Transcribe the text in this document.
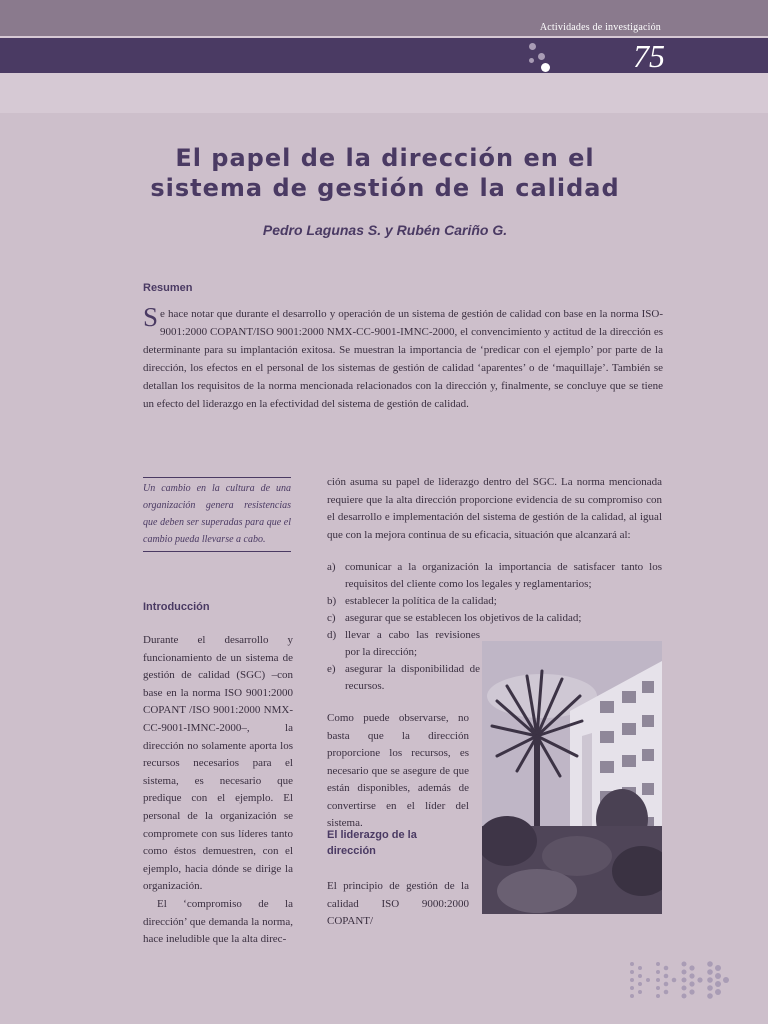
Actividades de investigación
75
El papel de la dirección en el
sistema de gestión de la calidad

Pedro Lagunas S. y Rubén Cariño G.

Resumen

Se hace notar que durante el desarrollo y operación de un sistema de gestión de calidad con base en la norma ISO-9001:2000 COPANT/ISO 9001:2000 NMX-CC-9001-IMNC-2000, el convencimiento y actitud de la dirección es determinante para su implantación exitosa. Se muestran la importancia de ‘predicar con el ejemplo’ por parte de la dirección, los efectos en el personal de los sistemas de gestión de calidad ‘aparentes’ o de ‘maquillaje’. También se detallan los requisitos de la norma mencionada relacionados con la dirección y, finalmente, se concluye que se tiene un efecto del liderazgo en la efectividad del sistema de gestión de calidad.

Un cambio en la cultura de una organización genera resistencias que deben ser superadas para que el cambio pueda llevarse a cabo.
Introducción

Durante el desarrollo y funcionamiento de un sistema de gestión de calidad (SGC) –con base en la norma ISO 9001:2000 COPANT /ISO 9001:2000 NMX-CC-9001-IMNC-2000–, la dirección no solamente aporta los recursos necesarios para el sistema, es necesario que predique con el ejemplo. El personal de la organización se compromete con sus líderes tanto como éstos demuestren, con el ejemplo, hacia dónde se dirige la organización.

El ‘compromiso de la dirección’ que demanda la norma, hace ineludible que la alta direc-

ción asuma su papel de liderazgo dentro del SGC. La norma mencionada requiere que la alta dirección proporcione evidencia de su compromiso con el desarrollo e implementación del sistema de gestión de la calidad, al igual que con la mejora continua de su eficacia, situación que alcanzará al:

a) comunicar a la organización la importancia de satisfacer tanto los requisitos del cliente como los legales y reglamentarios;
b) establecer la política de la calidad;
c) asegurar que se establecen los objetivos de la calidad;
d) llevar a cabo las revisiones por la dirección;
e) asegurar la disponibilidad de recursos.

Como puede observarse, no basta que la dirección proporcione los recursos, es necesario que se asegure de que están disponibles, además de convertirse en el líder del sistema.

El liderazgo de la dirección

El principio de gestión de la calidad ISO 9000:2000 COPANT/
